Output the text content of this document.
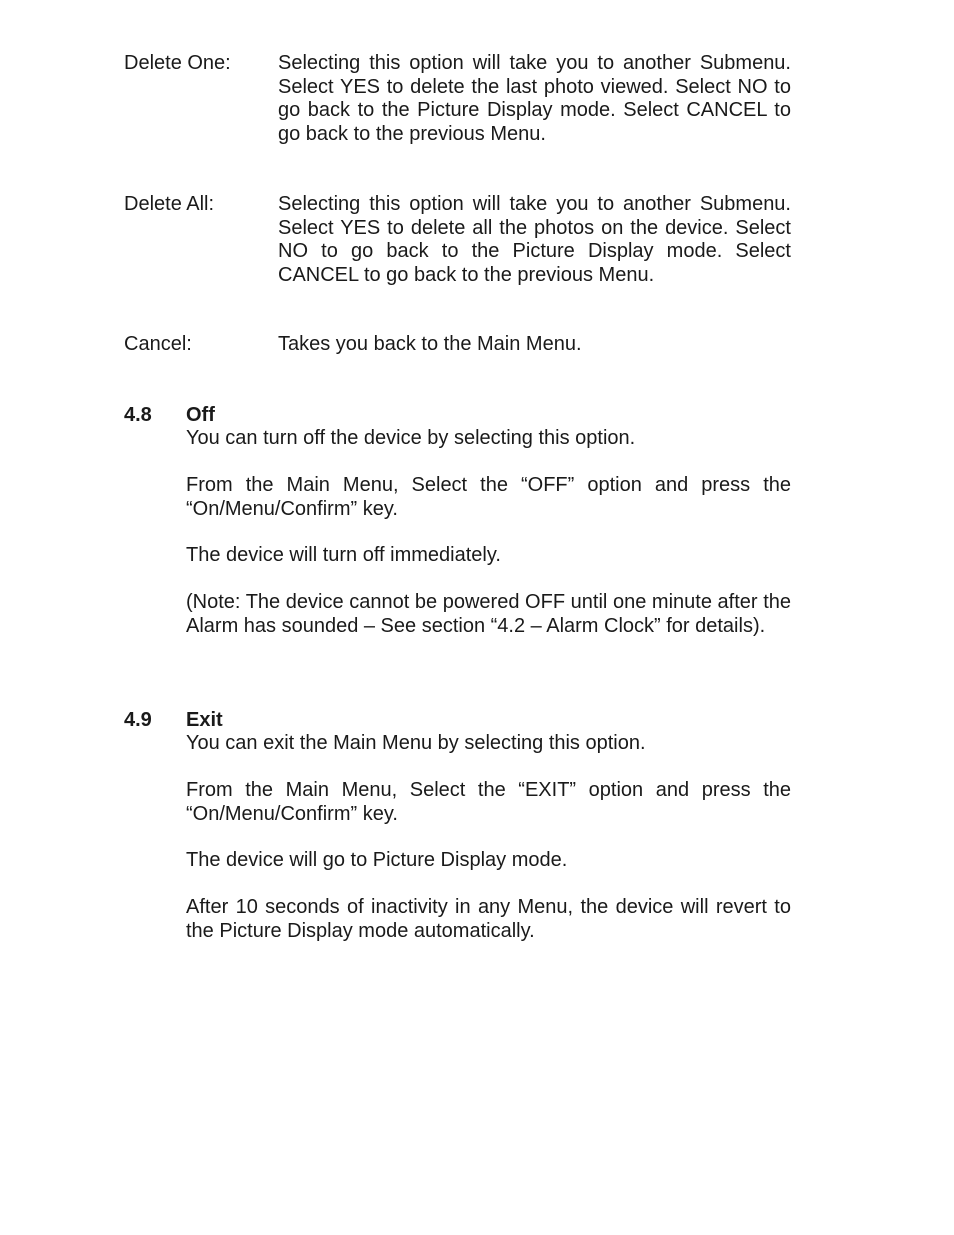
Delete One:	Selecting this option will take you to another Submenu. Select YES to delete the last photo viewed. Select NO to go back to the Picture Display mode. Select CANCEL to go back to the previous Menu.
Delete All:	Selecting this option will take you to another Submenu. Select YES to delete all the photos on the device. Select NO to go back to the Picture Display mode. Select CANCEL to go back to the previous Menu.
Cancel:	Takes you back to the Main Menu.
4.8 Off
You can turn off the device by selecting this option.
From the Main Menu, Select the “OFF” option and press the “On/Menu/Confirm” key.
The device will turn off immediately.
(Note: The device cannot be powered OFF until one minute after the Alarm has sounded – See section “4.2 – Alarm Clock” for details).
4.9 Exit
You can exit the Main Menu by selecting this option.
From the Main Menu, Select the “EXIT” option and press the “On/Menu/Confirm” key.
The device will go to Picture Display mode.
After 10 seconds of inactivity in any Menu, the device will revert to the Picture Display mode automatically.
